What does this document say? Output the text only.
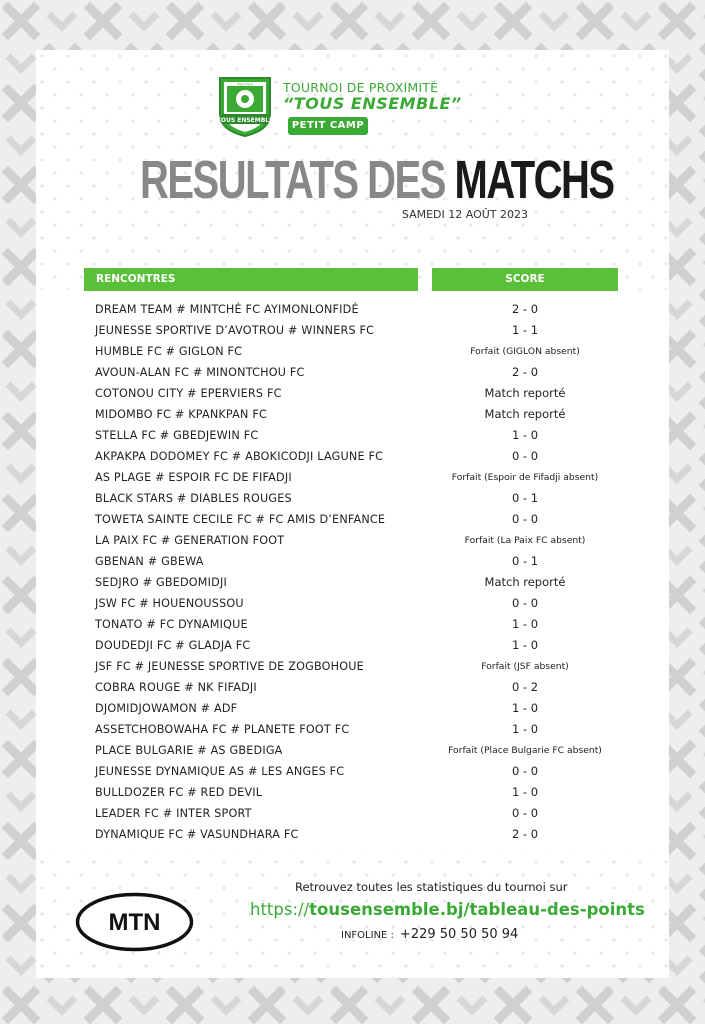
TOUS ENSEMBLE
Tournoi TOURNOI DE PROXIMITÉ
“TOUS ENSEMBLE”
PETIT CAMP
RESULTATS DES MATCHS
SAMEDI 12 AOÛT 2023
RENCONTRES	SCORE
DREAM TEAM # MINTCHÉ FC AYIMONLONFIDÉ	2 - 0
JEUNESSE SPORTIVE D’AVOTROU # WINNERS FC	1 - 1
HUMBLE FC # GIGLON FC	Forfait (GIGLON absent)
AVOUN-ALAN FC # MINONTCHOU FC	2 - 0
COTONOU CITY # EPERVIERS FC	Match reporté
MIDOMBO FC # KPANKPAN FC	Match reporté
STELLA FC # GBEDJEWIN FC	1 - 0
AKPAKPA DODOMEY FC # ABOKICODJI LAGUNE FC	0 - 0
AS PLAGE # ESPOIR FC DE FIFADJI	Forfait (Espoir de Fifadji absent)
BLACK STARS # DIABLES ROUGES	0 - 1
TOWETA SAINTE CECILE FC # FC AMIS D’ENFANCE	0 - 0
LA PAIX FC # GENERATION FOOT	Forfait (La Paix FC absent)
GBENAN # GBEWA	0 - 1
SEDJRO # GBEDOMIDJI	Match reporté
JSW FC # HOUENOUSSOU	0 - 0
TONATO # FC DYNAMIQUE	1 - 0
DOUDEDJI FC # GLADJA FC	1 - 0
JSF FC # JEUNESSE SPORTIVE DE ZOGBOHOUE	Forfait (JSF absent)
COBRA ROUGE # NK FIFADJI	0 - 2
DJOMIDJOWAMON # ADF	1 - 0
ASSETCHOBOWAHA FC # PLANETE FOOT FC	1 - 0
PLACE BULGARIE # AS GBEDIGA	Forfait (Place Bulgarie FC absent)
JEUNESSE DYNAMIQUE AS # LES ANGES FC	0 - 0
BULLDOZER FC # RED DEVIL	1 - 0
LEADER FC # INTER SPORT	0 - 0
DYNAMIQUE FC # VASUNDHARA FC	2 - 0
MTN
Retrouvez toutes les statistiques du tournoi sur
https://tousensemble.bj/tableau-des-points
INFOLINE : +229 50 50 50 94
